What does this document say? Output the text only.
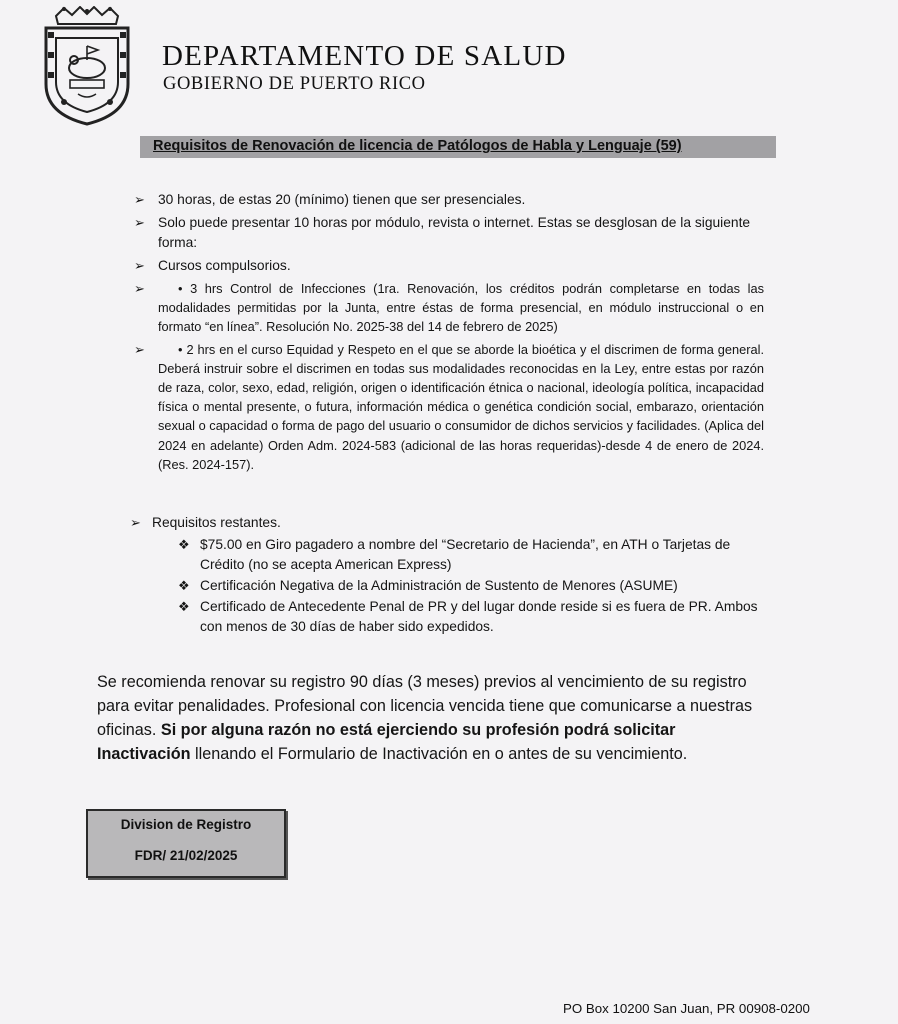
DEPARTAMENTO DE SALUD
GOBIERNO DE PUERTO RICO
Requisitos de Renovación de licencia de Patólogos de Habla y Lenguaje (59)
➢ 30 horas, de estas 20 (mínimo) tienen que ser presenciales.
➢ Solo puede presentar 10 horas por módulo, revista o internet. Estas se desglosan de la siguiente forma:
➢ Cursos compulsorios.
➢	• 3 hrs Control de Infecciones (1ra. Renovación, los créditos podrán completarse en todas las modalidades permitidas por la Junta, entre éstas de forma presencial, en módulo instruccional o en formato “en línea”. Resolución No. 2025-38 del 14 de febrero de 2025)
➢	• 2 hrs en el curso Equidad y Respeto en el que se aborde la bioética y el discrimen de forma general. Deberá instruir sobre el discrimen en todas sus modalidades reconocidas en la Ley, entre estas por razón de raza, color, sexo, edad, religión, origen o identificación étnica o nacional, ideología política, incapacidad física o mental presente, o futura, información médica o genética condición social, embarazo, orientación sexual o capacidad o forma de pago del usuario o consumidor de dichos servicios y facilidades. (Aplica del 2024 en adelante) Orden Adm. 2024-583 (adicional de las horas requeridas)-desde 4 de enero de 2024. (Res. 2024-157).
➢ Requisitos restantes.
❖ $75.00 en Giro pagadero a nombre del “Secretario de Hacienda”, en ATH o Tarjetas de Crédito (no se acepta American Express)
❖ Certificación Negativa de la Administración de Sustento de Menores (ASUME)
❖ Certificado de Antecedente Penal de PR y del lugar donde reside si es fuera de PR. Ambos con menos de 30 días de haber sido expedidos.
Se recomienda renovar su registro 90 días (3 meses) previos al vencimiento de su registro para evitar penalidades. Profesional con licencia vencida tiene que comunicarse a nuestras oficinas. Si por alguna razón no está ejerciendo su profesión podrá solicitar Inactivación llenando el Formulario de Inactivación en o antes de su vencimiento.
Division de Registro
FDR/ 21/02/2025
PO Box 10200 San Juan, PR 00908-0200
